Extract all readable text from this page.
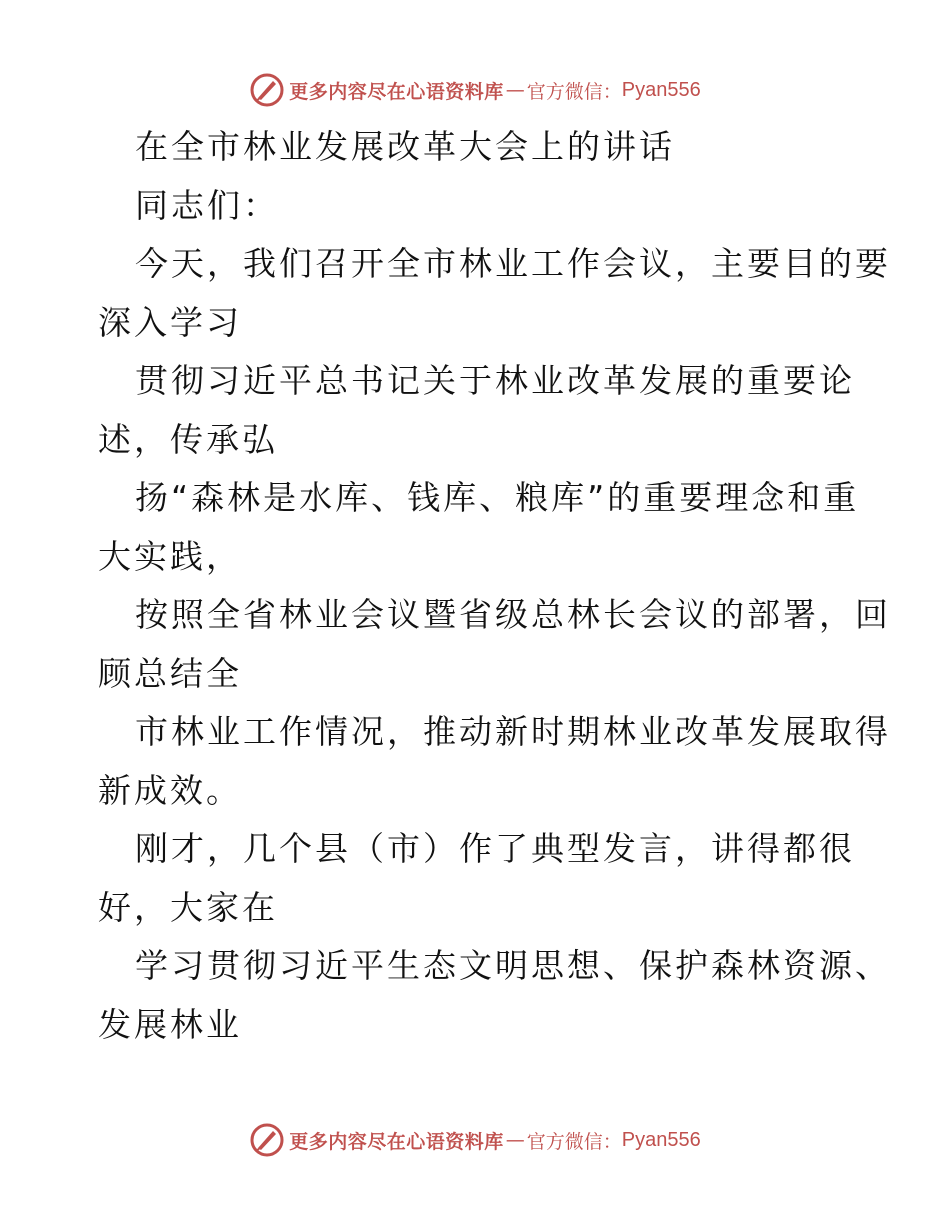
更多内容尽在心语资料库 — 官方微信： Pyan556
在全市林业发展改革大会上的讲话
同志们：
今天，我们召开全市林业工作会议，主要目的要
深入学习
贯彻习近平总书记关于林业改革发展的重要论
述，传承弘
扬“森林是水库、钱库、粮库”的重要理念和重
大实践，
按照全省林业会议暨省级总林长会议的部署，回
顾总结全
市林业工作情况，推动新时期林业改革发展取得
新成效。
刚才，几个县（市）作了典型发言，讲得都很
好，大家在
学习贯彻习近平生态文明思想、保护森林资源、
发展林业
更多内容尽在心语资料库 — 官方微信： Pyan556
